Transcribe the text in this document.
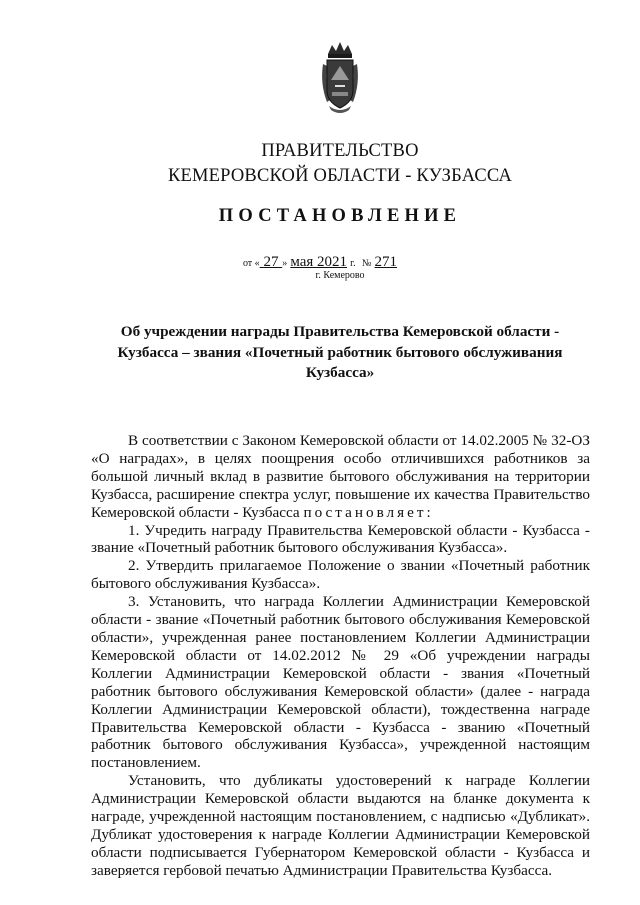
ПРАВИТЕЛЬСТВО
КЕМЕРОВСКОЙ ОБЛАСТИ - КУЗБАССА
ПОСТАНОВЛЕНИЕ
от « 27 » мая 2021 г. № 271
г. Кемерово
Об учреждении награды Правительства Кемеровской области - Кузбасса – звания «Почетный работник бытового обслуживания Кузбасса»

В соответствии с Законом Кемеровской области от 14.02.2005 № 32-ОЗ «О наградах», в целях поощрения особо отличившихся работников за большой личный вклад в развитие бытового обслуживания на территории Кузбасса, расширение спектра услуг, повышение их качества Правительство Кемеровской области - Кузбасса постановляет:

1. Учредить награду Правительства Кемеровской области - Кузбасса - звание «Почетный работник бытового обслуживания Кузбасса».

2. Утвердить прилагаемое Положение о звании «Почетный работник бытового обслуживания Кузбасса».

3. Установить, что награда Коллегии Администрации Кемеровской области - звание «Почетный работник бытового обслуживания Кемеровской области», учрежденная ранее постановлением Коллегии Администрации Кемеровской области от 14.02.2012 № 29 «Об учреждении награды Коллегии Администрации Кемеровской области - звания «Почетный работник бытового обслуживания Кемеровской области» (далее - награда Коллегии Администрации Кемеровской области), тождественна награде Правительства Кемеровской области - Кузбасса - званию «Почетный работник бытового обслуживания Кузбасса», учрежденной настоящим постановлением.

Установить, что дубликаты удостоверений к награде Коллегии Администрации Кемеровской области выдаются на бланке документа к награде, учрежденной настоящим постановлением, с надписью «Дубликат». Дубликат удостоверения к награде Коллегии Администрации Кемеровской области подписывается Губернатором Кемеровской области - Кузбасса и заверяется гербовой печатью Администрации Правительства Кузбасса.
